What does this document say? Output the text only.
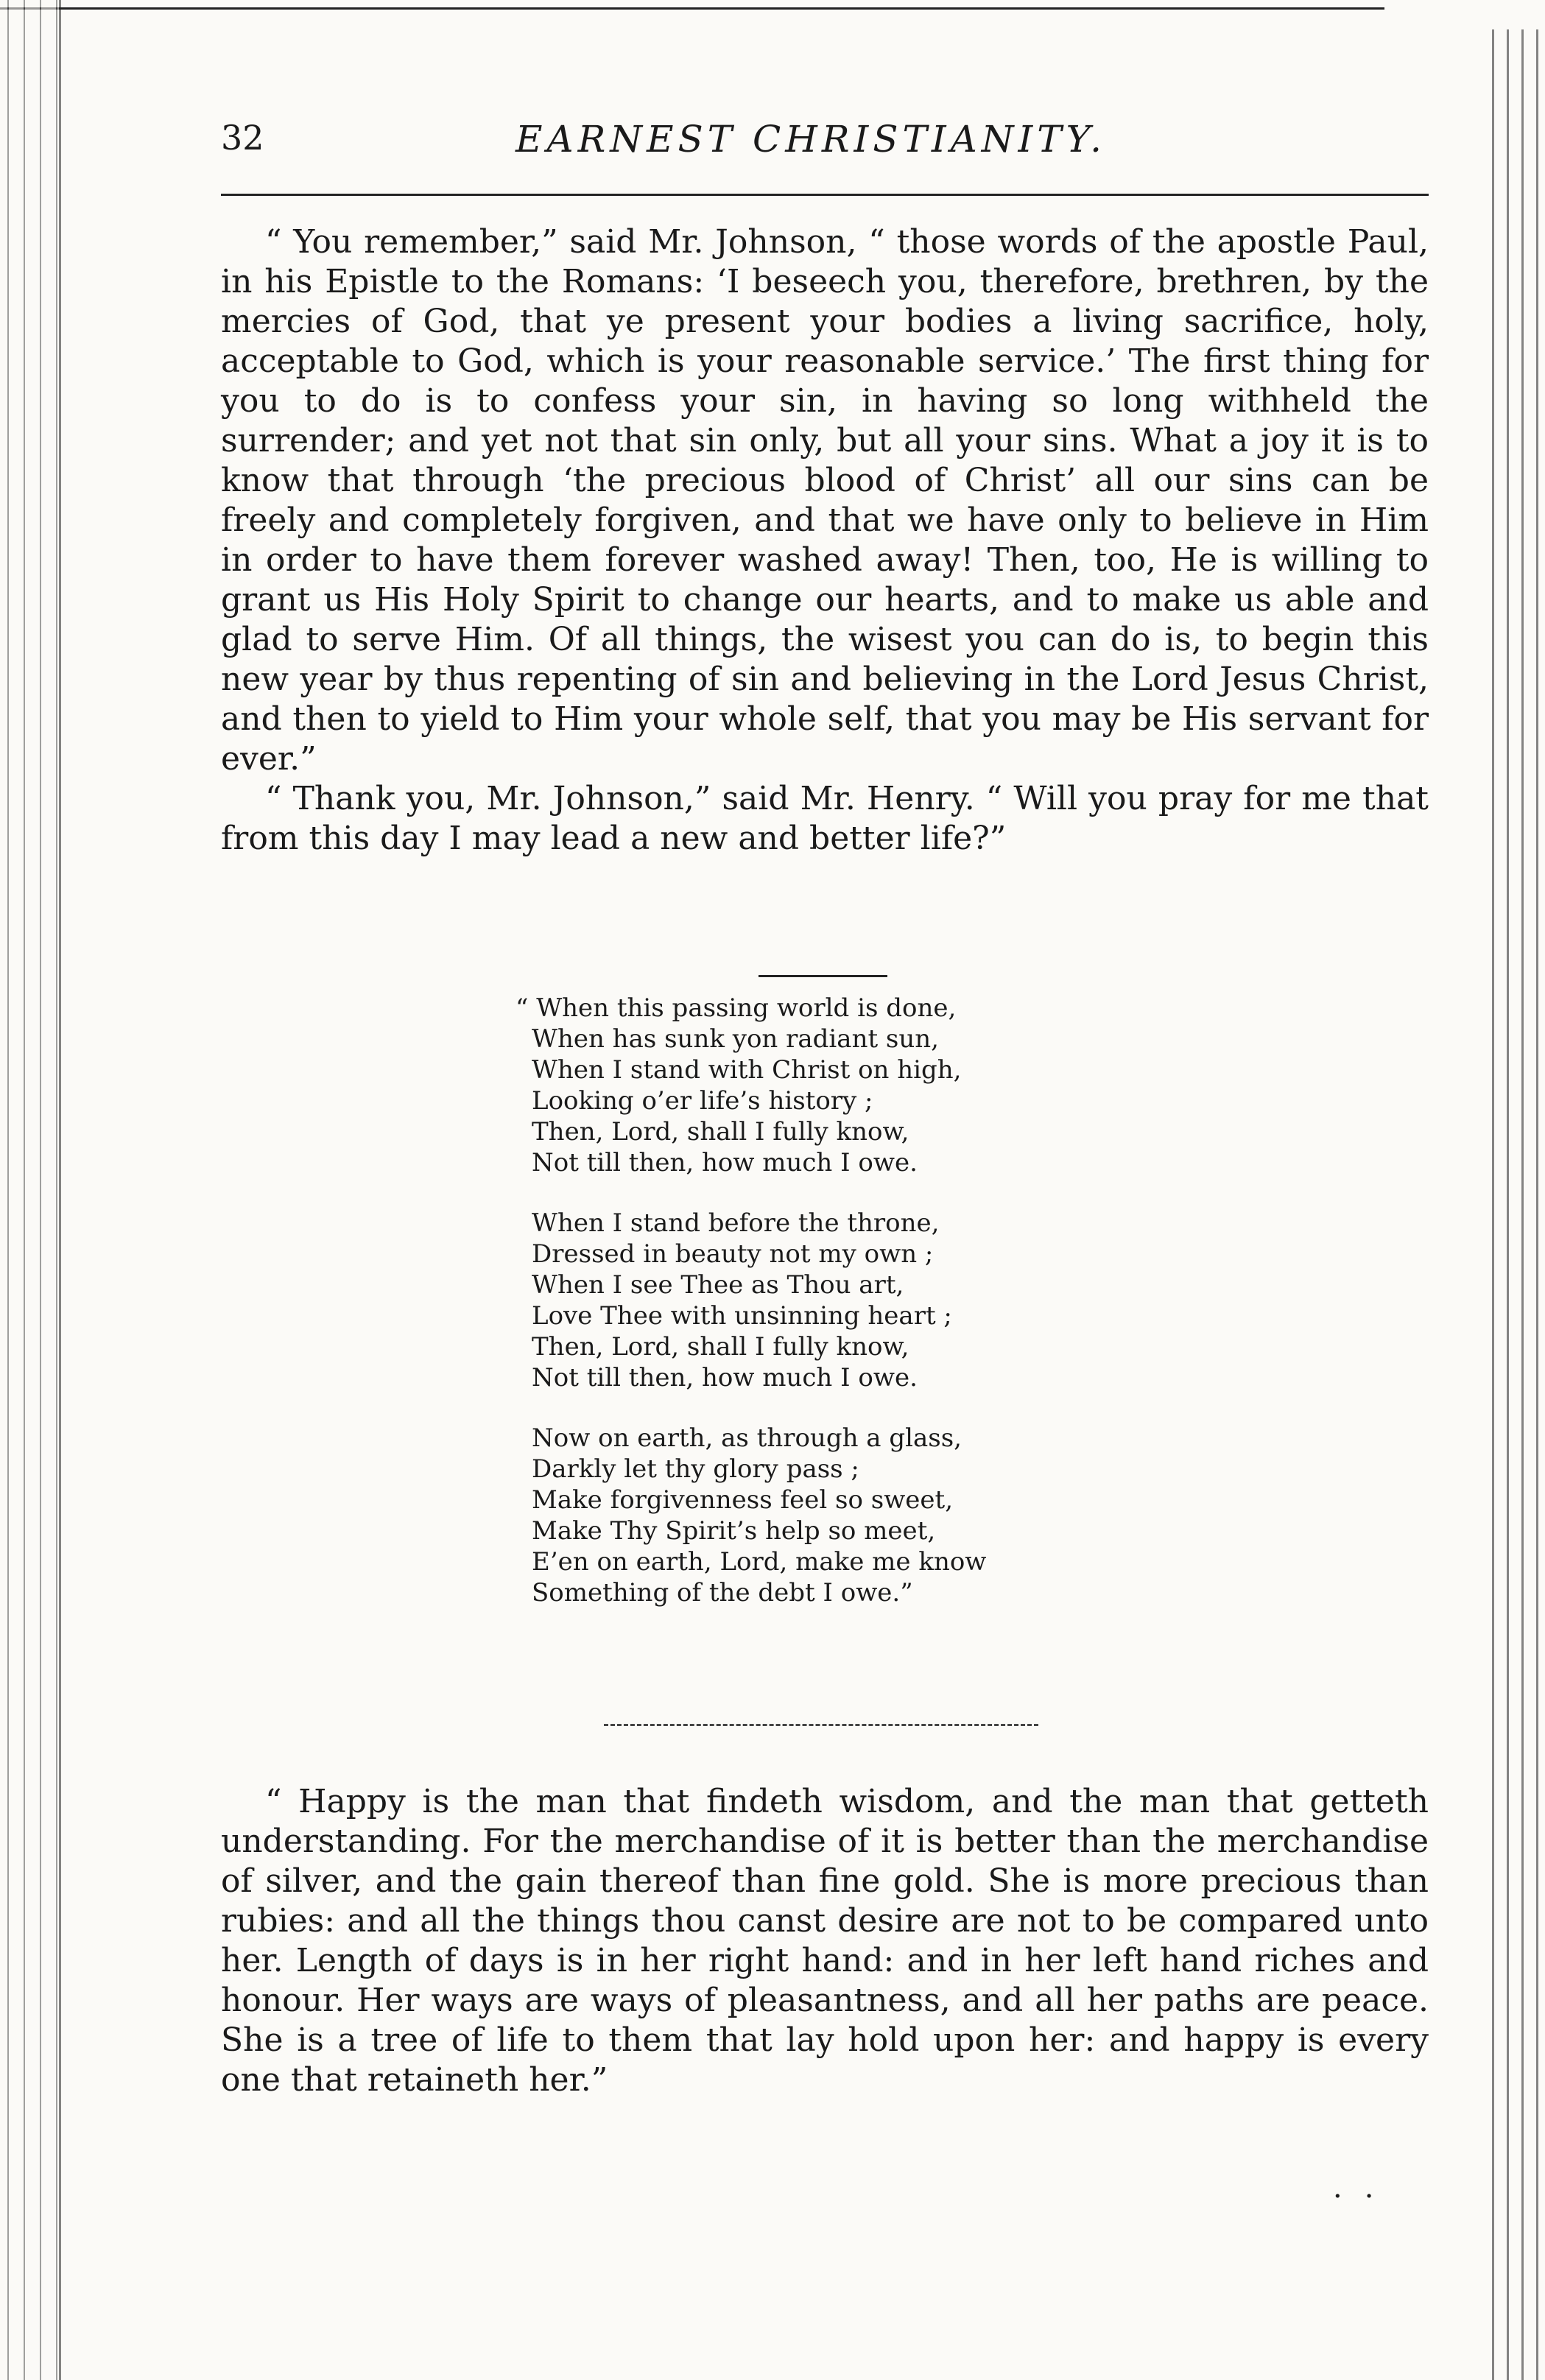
32	EARNEST CHRISTIANITY.

“ You remember,” said Mr. Johnson, “ those words of the apostle Paul, in his Epistle to the Romans: ‘I beseech you, therefore, brethren, by the mercies of God, that ye present your bodies a living sacrifice, holy, acceptable to God, which is your reasonable service.’ The first thing for you to do is to confess your sin, in having so long withheld the surrender; and yet not that sin only, but all your sins. What a joy it is to know that through ‘the precious blood of Christ’ all our sins can be freely and completely forgiven, and that we have only to believe in Him in order to have them forever washed away! Then, too, He is willing to grant us His Holy Spirit to change our hearts, and to make us able and glad to serve Him. Of all things, the wisest you can do is, to begin this new year by thus repenting of sin and believing in the Lord Jesus Christ, and then to yield to Him your whole self, that you may be His servant for ever.”

“ Thank you, Mr. Johnson,” said Mr. Henry. “ Will you pray for me that from this day I may lead a new and better life?”

“ When this passing world is done,
When has sunk yon radiant sun,
When I stand with Christ on high,
Looking o’er life’s history ;
Then, Lord, shall I fully know,
Not till then, how much I owe.
When I stand before the throne,
Dressed in beauty not my own ;
When I see Thee as Thou art,
Love Thee with unsinning heart ;
Then, Lord, shall I fully know,
Not till then, how much I owe.
Now on earth, as through a glass,
Darkly let thy glory pass ;
Make forgivenness feel so sweet,
Make Thy Spirit’s help so meet,
E’en on earth, Lord, make me know
Something of the debt I owe.”

“ Happy is the man that findeth wisdom, and the man that getteth understanding. For the merchandise of it is better than the merchandise of silver, and the gain thereof than fine gold. She is more precious than rubies: and all the things thou canst desire are not to be compared unto her. Length of days is in her right hand: and in her left hand riches and honour. Her ways are ways of pleasantness, and all her paths are peace. She is a tree of life to them that lay hold upon her: and happy is every one that retaineth her.”

··
